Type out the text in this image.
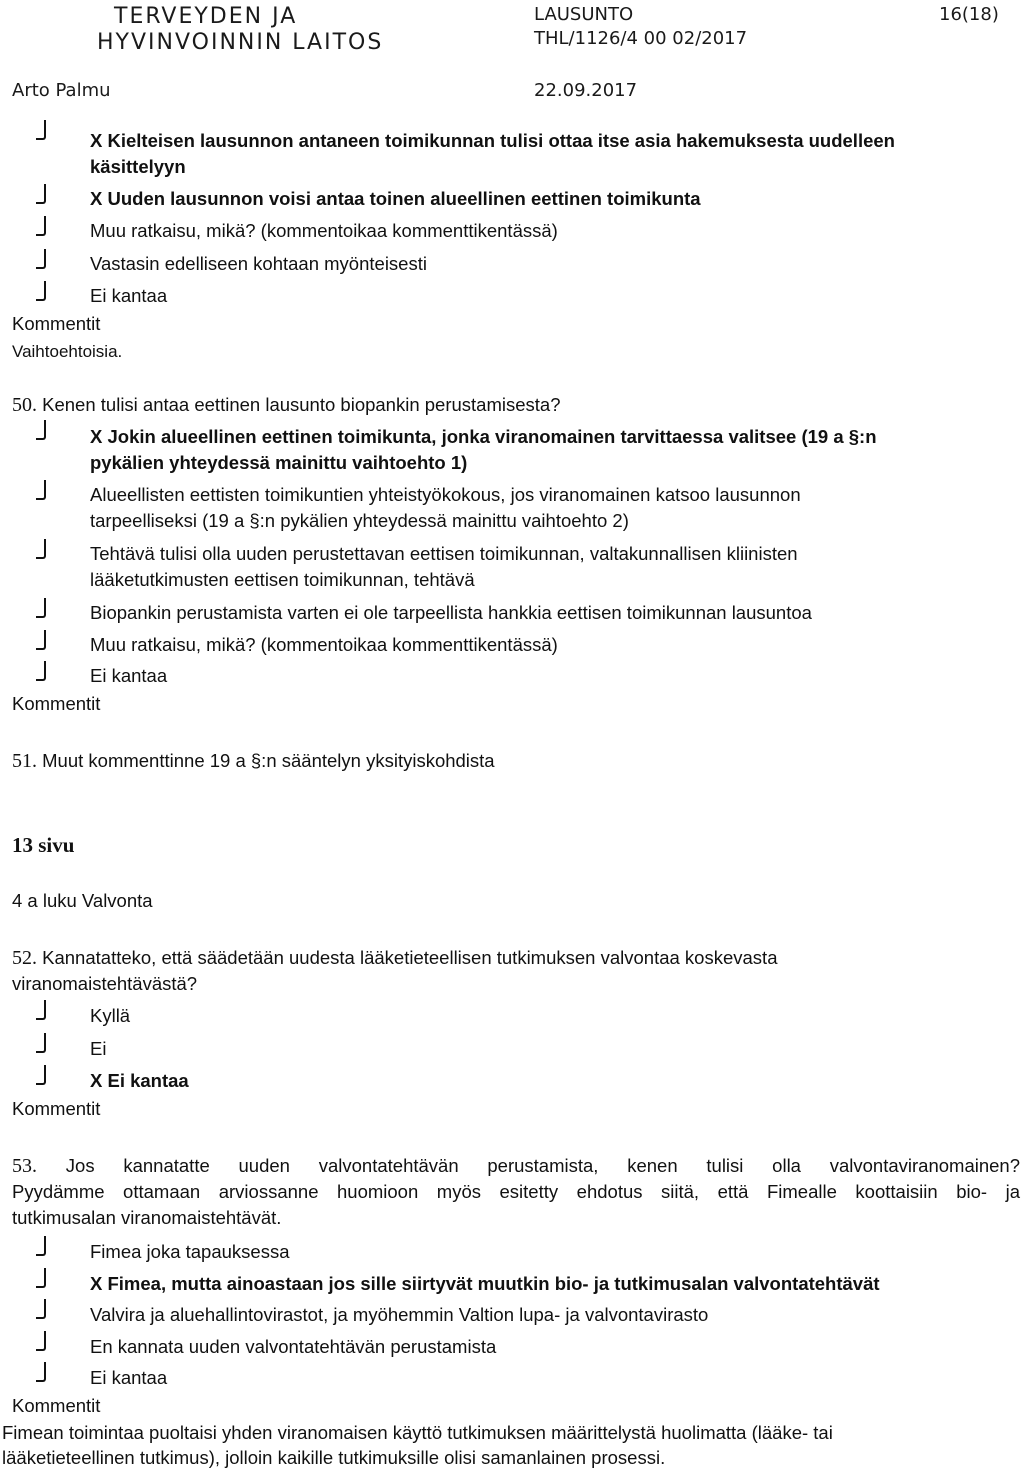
TERVEYDEN JA
HYVINVOINNIN LAITOS
LAUSUNTO
THL/1126/4 00 02/2017
16(18)
Arto Palmu	22.09.2017
X Kielteisen lausunnon antaneen toimikunnan tulisi ottaa itse asia hakemuksesta uudelleen
käsittelyyn
X Uuden lausunnon voisi antaa toinen alueellinen eettinen toimikunta
Muu ratkaisu, mikä? (kommentoikaa kommenttikentässä)
Vastasin edelliseen kohtaan myönteisesti
Ei kantaa
Kommentit
Vaihtoehtoisia.
50. Kenen tulisi antaa eettinen lausunto biopankin perustamisesta?
X Jokin alueellinen eettinen toimikunta, jonka viranomainen tarvittaessa valitsee (19 a §:n
pykälien yhteydessä mainittu vaihtoehto 1)
Alueellisten eettisten toimikuntien yhteistyökokous, jos viranomainen katsoo lausunnon
tarpeelliseksi (19 a §:n pykälien yhteydessä mainittu vaihtoehto 2)
Tehtävä tulisi olla uuden perustettavan eettisen toimikunnan, valtakunnallisen kliinisten
lääketutkimusten eettisen toimikunnan, tehtävä
Biopankin perustamista varten ei ole tarpeellista hankkia eettisen toimikunnan lausuntoa
Muu ratkaisu, mikä? (kommentoikaa kommenttikentässä)
Ei kantaa
Kommentit
51. Muut kommenttinne 19 a §:n sääntelyn yksityiskohdista
13 sivu
4 a luku Valvonta
52. Kannatatteko, että säädetään uudesta lääketieteellisen tutkimuksen valvontaa koskevasta
viranomaistehtävästä?
Kyllä
Ei
X Ei kantaa
Kommentit
53. Jos kannatatte uuden valvontatehtävän perustamista, kenen tulisi olla valvontaviranomainen?
Pyydämme ottamaan arviossanne huomioon myös esitetty ehdotus siitä, että Fimealle koottaisiin bio- ja
tutkimusalan viranomaistehtävät.
Fimea joka tapauksessa
X Fimea, mutta ainoastaan jos sille siirtyvät muutkin bio- ja tutkimusalan valvontatehtävät
Valvira ja aluehallintovirastot, ja myöhemmin Valtion lupa- ja valvontavirasto
En kannata uuden valvontatehtävän perustamista
Ei kantaa
Kommentit
Fimean toimintaa puoltaisi yhden viranomaisen käyttö tutkimuksen määrittelystä huolimatta (lääke- tai
lääketieteellinen tutkimus), jolloin kaikille tutkimuksille olisi samanlainen prosessi.
